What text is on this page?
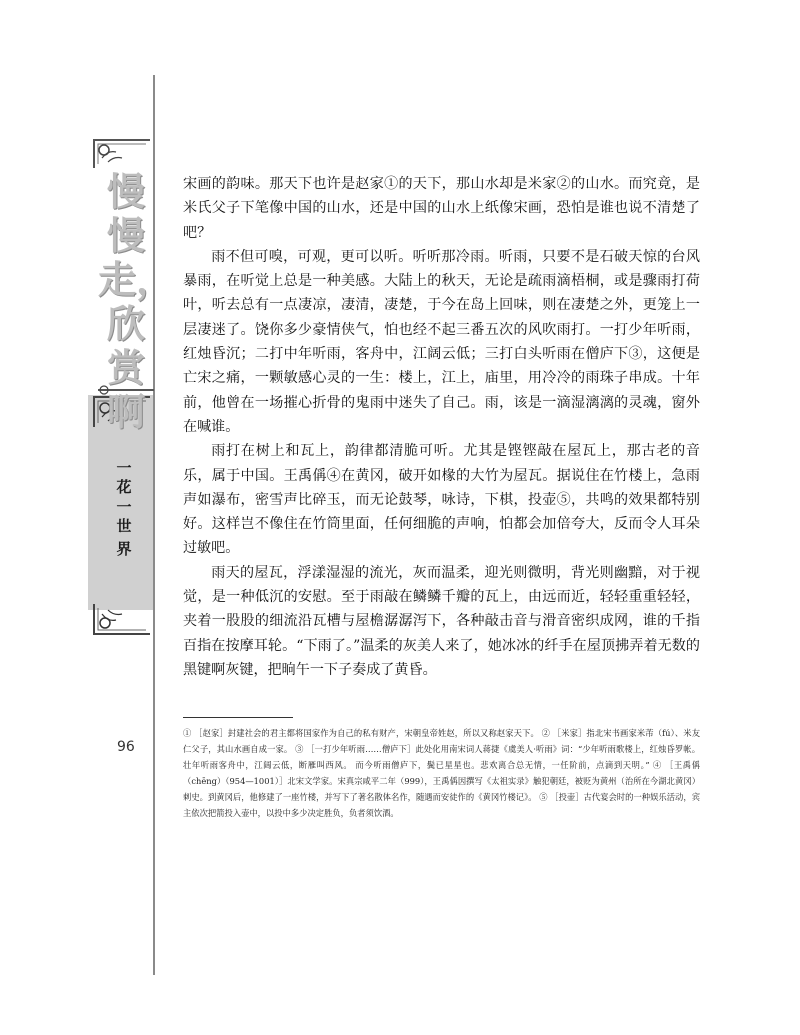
慢
慢
走，
欣
赏
啊
一
花
一
世
界
96

宋画的韵味。那天下也许是赵家①的天下，那山水却是米家②的山水。而究竟，是米氏父子下笔像中国的山水，还是中国的山水上纸像宋画，恐怕是谁也说不清楚了吧？

雨不但可嗅，可观，更可以听。听听那冷雨。听雨，只要不是石破天惊的台风暴雨，在听觉上总是一种美感。大陆上的秋天，无论是疏雨滴梧桐，或是骤雨打荷叶，听去总有一点凄凉，凄清，凄楚，于今在岛上回味，则在凄楚之外，更笼上一层凄迷了。饶你多少豪情侠气，怕也经不起三番五次的风吹雨打。一打少年听雨，红烛昏沉；二打中年听雨，客舟中，江阔云低；三打白头听雨在僧庐下③，这便是亡宋之痛，一颗敏感心灵的一生：楼上，江上，庙里，用冷冷的雨珠子串成。十年前，他曾在一场摧心折骨的鬼雨中迷失了自己。雨，该是一滴湿漓漓的灵魂，窗外在喊谁。

雨打在树上和瓦上，韵律都清脆可听。尤其是铿铿敲在屋瓦上，那古老的音乐，属于中国。王禹偁④在黄冈，破开如椽的大竹为屋瓦。据说住在竹楼上，急雨声如瀑布，密雪声比碎玉，而无论鼓琴，咏诗，下棋，投壶⑤，共鸣的效果都特别好。这样岂不像住在竹筒里面，任何细脆的声响，怕都会加倍夸大，反而令人耳朵过敏吧。

雨天的屋瓦，浮漾湿湿的流光，灰而温柔，迎光则微明，背光则幽黯，对于视觉，是一种低沉的安慰。至于雨敲在鳞鳞千瓣的瓦上，由远而近，轻轻重重轻轻，夹着一股股的细流沿瓦槽与屋檐潺潺泻下，各种敲击音与滑音密织成网，谁的千指百指在按摩耳轮。“下雨了。”温柔的灰美人来了，她冰冰的纤手在屋顶拂弄着无数的黑键啊灰键，把晌午一下子奏成了黄昏。

① ［赵家］封建社会的君主都将国家作为自己的私有财产，宋朝皇帝姓赵，所以又称赵家天下。 ② ［米家］指北宋书画家米芾（fú）、米友仁父子，其山水画自成一家。 ③ ［一打少年听雨……僧庐下］此处化用南宋词人蒋捷《虞美人·听雨》词：“少年听雨歌楼上，红烛昏罗帐。壮年听雨客舟中，江阔云低，断雁叫西风。 而今听雨僧庐下，鬓已星星也。悲欢离合总无情，一任阶前，点滴到天明。” ④ ［王禹偁（chēng）（954—1001）］北宋文学家。宋真宗咸平二年（999），王禹偁因撰写《太祖实录》触犯朝廷，被贬为黄州（治所在今湖北黄冈）刺史。到黄冈后，他修建了一座竹楼，并写下了著名散体名作，随遇而安徒作的《黄冈竹楼记》。 ⑤ ［投壶］古代宴会时的一种娱乐活动，宾主依次把箭投入壶中，以投中多少决定胜负，负者须饮酒。
